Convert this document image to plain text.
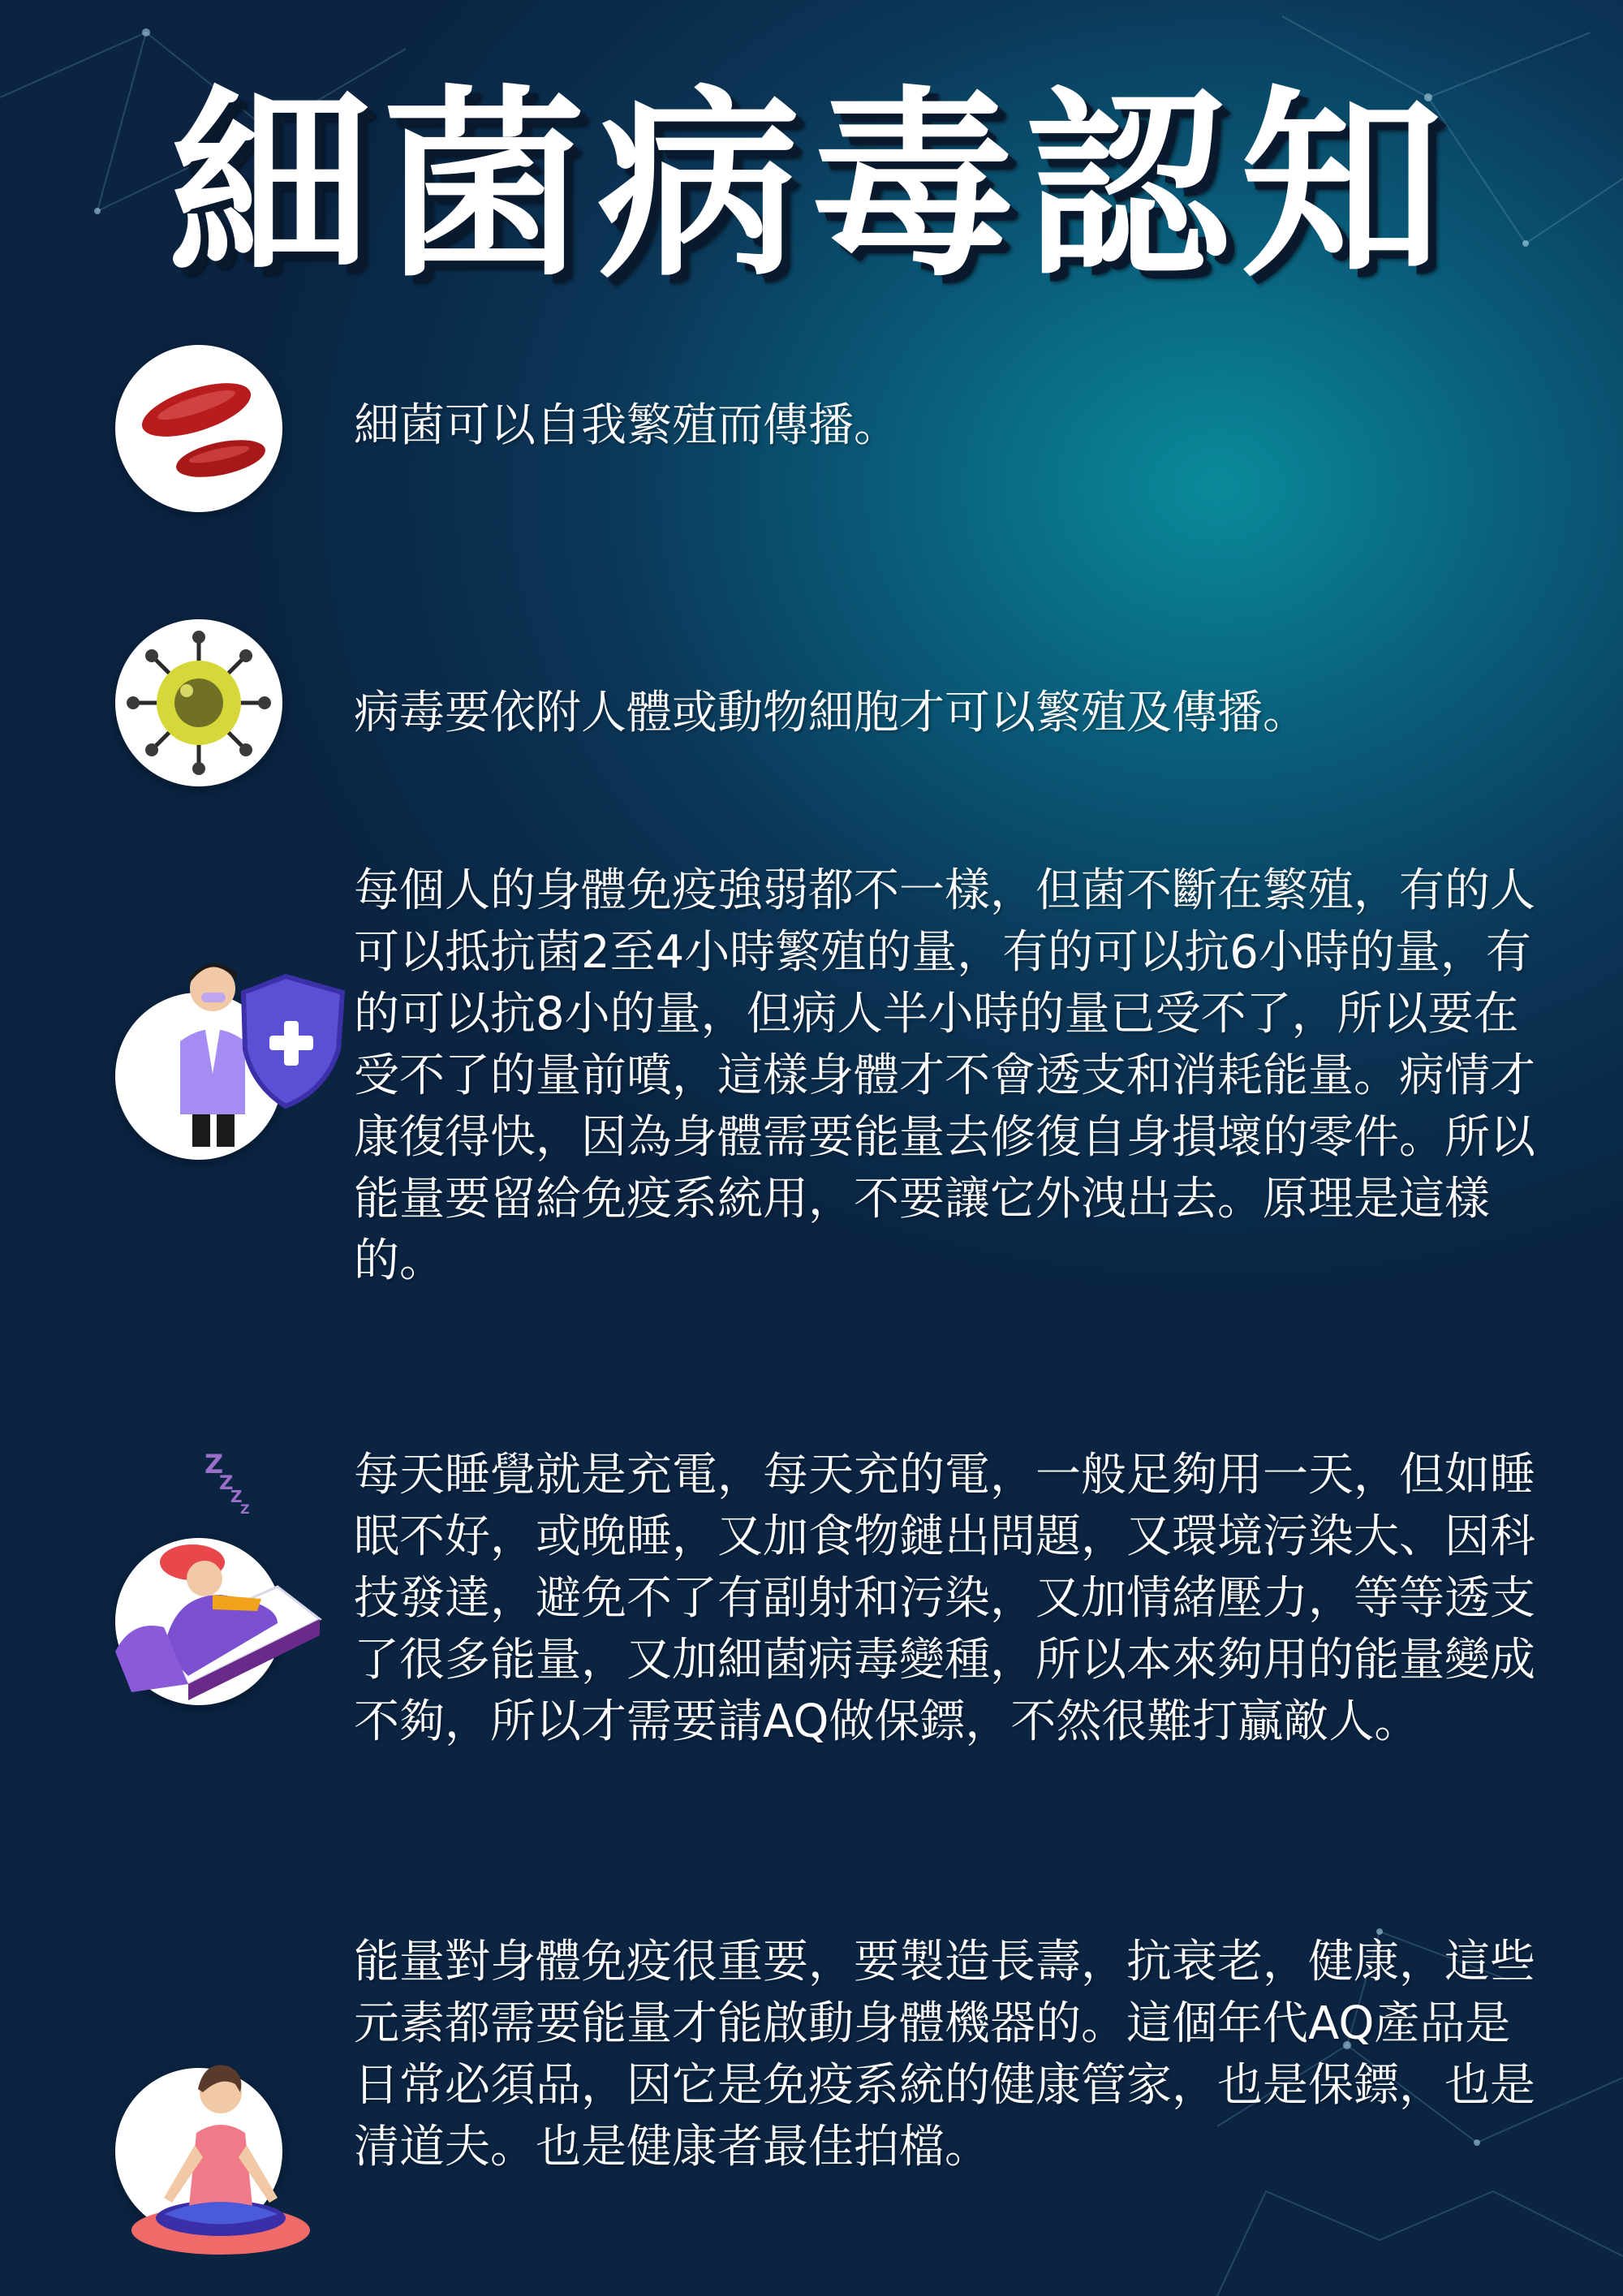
細菌病毒認知
細菌可以自我繁殖而傳播。
病毒要依附人體或動物細胞才可以繁殖及傳播。
每個人的身體免疫強弱都不一樣，但菌不斷在繁殖，有的人可以抵抗菌2至4小時繁殖的量，有的可以抗6小時的量，有的可以抗8小的量，但病人半小時的量已受不了，所以要在受不了的量前噴，這樣身體才不會透支和消耗能量。病情才康復得快，因為身體需要能量去修復自身損壞的零件。所以能量要留給免疫系統用，不要讓它外洩出去。原理是這樣的。
Z
Z
Z
Z
每天睡覺就是充電，每天充的電，一般足夠用一天，但如睡眠不好，或晚睡，又加食物鏈出問題，又環境污染大、因科技發達，避免不了有副射和污染，又加情緒壓力，等等透支了很多能量，又加細菌病毒變種，所以本來夠用的能量變成不夠，所以才需要請AQ做保鏢，不然很難打贏敵人。
能量對身體免疫很重要，要製造長壽，抗衰老，健康，這些元素都需要能量才能啟動身體機器的。這個年代AQ產品是日常必須品，因它是免疫系統的健康管家，也是保鏢，也是清道夫。也是健康者最佳拍檔。
